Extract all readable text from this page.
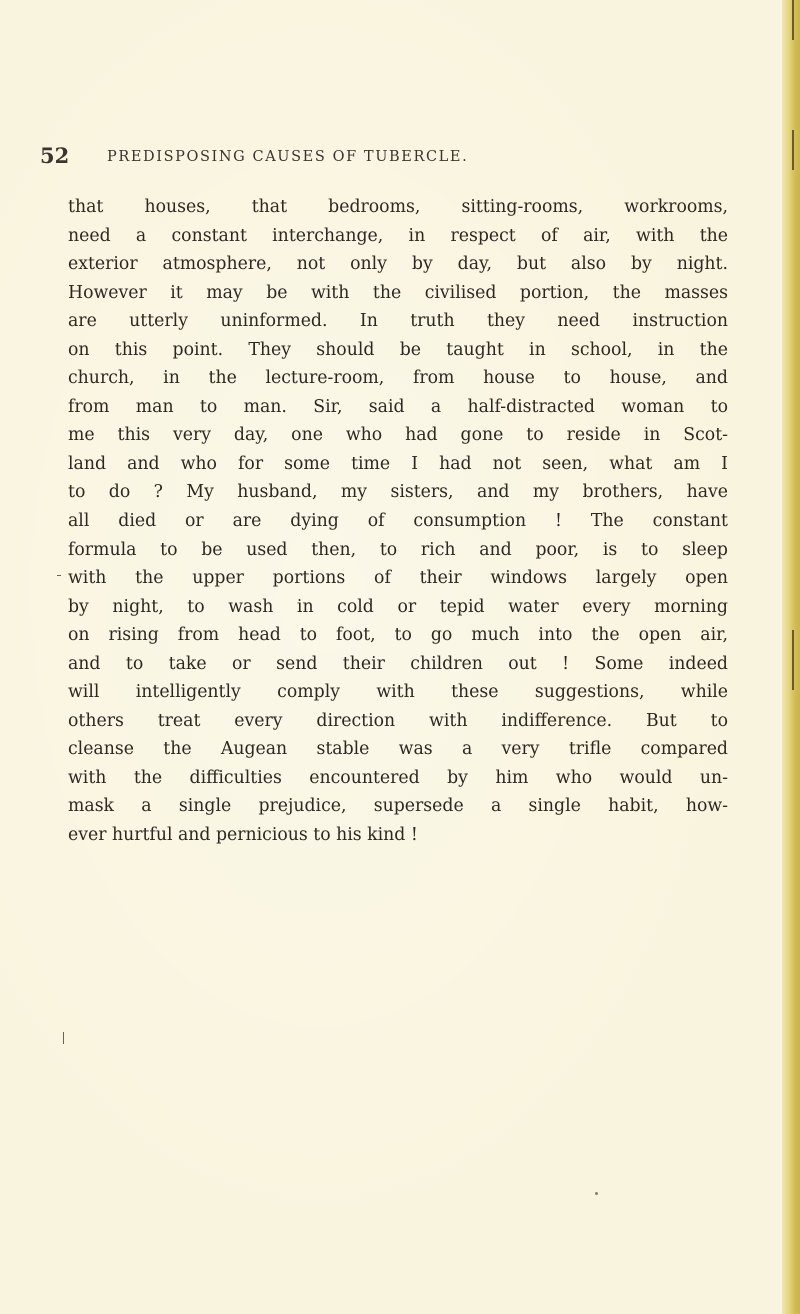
52	PREDISPOSING CAUSES OF TUBERCLE.
that houses, that bedrooms, sitting-rooms, workrooms,
need a constant interchange, in respect of air, with the
exterior atmosphere, not only by day, but also by night.
However it may be with the civilised portion, the masses
are utterly uninformed. In truth they need instruction
on this point. They should be taught in school, in the
church, in the lecture-room, from house to house, and
from man to man. Sir, said a half-distracted woman to
me this very day, one who had gone to reside in Scot-
land and who for some time I had not seen, what am I
to do ? My husband, my sisters, and my brothers, have
all died or are dying of consumption ! The constant
formula to be used then, to rich and poor, is to sleep
with the upper portions of their windows largely open
by night, to wash in cold or tepid water every morning
on rising from head to foot, to go much into the open air,
and to take or send their children out ! Some indeed
will intelligently comply with these suggestions, while
others treat every direction with indifference. But to
cleanse the Augean stable was a very trifle compared
with the difficulties encountered by him who would un-
mask a single prejudice, supersede a single habit, how-
ever hurtful and pernicious to his kind !
